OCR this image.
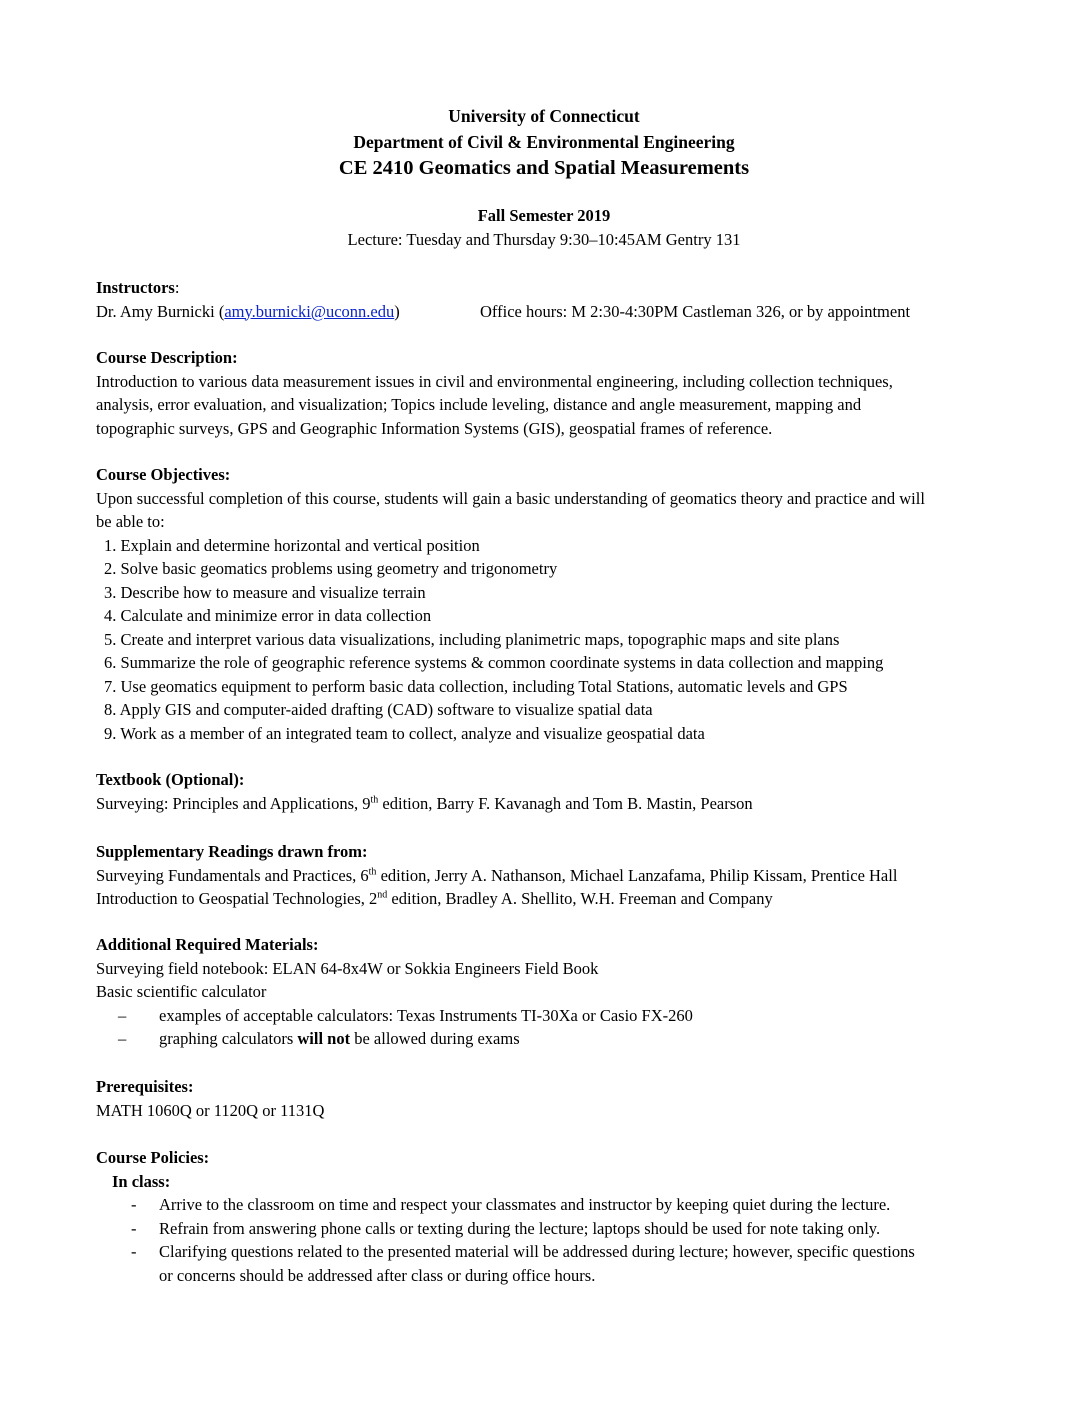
University of Connecticut
Department of Civil & Environmental Engineering
CE 2410 Geomatics and Spatial Measurements
Fall Semester 2019
Lecture: Tuesday and Thursday 9:30–10:45AM Gentry 131
Instructors:
Dr. Amy Burnicki (amy.burnicki@uconn.edu)	Office hours: M 2:30-4:30PM Castleman 326, or by appointment
Course Description:
Introduction to various data measurement issues in civil and environmental engineering, including collection techniques,
analysis, error evaluation, and visualization; Topics include leveling, distance and angle measurement, mapping and
topographic surveys, GPS and Geographic Information Systems (GIS), geospatial frames of reference.
Course Objectives:
Upon successful completion of this course, students will gain a basic understanding of geomatics theory and practice and will
be able to:
1. Explain and determine horizontal and vertical position
2. Solve basic geomatics problems using geometry and trigonometry
3. Describe how to measure and visualize terrain
4. Calculate and minimize error in data collection
5. Create and interpret various data visualizations, including planimetric maps, topographic maps and site plans
6. Summarize the role of geographic reference systems & common coordinate systems in data collection and mapping
7. Use geomatics equipment to perform basic data collection, including Total Stations, automatic levels and GPS
8. Apply GIS and computer-aided drafting (CAD) software to visualize spatial data
9. Work as a member of an integrated team to collect, analyze and visualize geospatial data
Textbook (Optional):
Surveying: Principles and Applications, 9th edition, Barry F. Kavanagh and Tom B. Mastin, Pearson
Supplementary Readings drawn from:
Surveying Fundamentals and Practices, 6th edition, Jerry A. Nathanson, Michael Lanzafama, Philip Kissam, Prentice Hall
Introduction to Geospatial Technologies, 2nd edition, Bradley A. Shellito, W.H. Freeman and Company
Additional Required Materials:
Surveying field notebook: ELAN 64-8x4W or Sokkia Engineers Field Book
Basic scientific calculator
– examples of acceptable calculators: Texas Instruments TI-30Xa or Casio FX-260
– graphing calculators will not be allowed during exams
Prerequisites:
MATH 1060Q or 1120Q or 1131Q
Course Policies:
In class:
- Arrive to the classroom on time and respect your classmates and instructor by keeping quiet during the lecture.
- Refrain from answering phone calls or texting during the lecture; laptops should be used for note taking only.
- Clarifying questions related to the presented material will be addressed during lecture; however, specific questions
or concerns should be addressed after class or during office hours.
